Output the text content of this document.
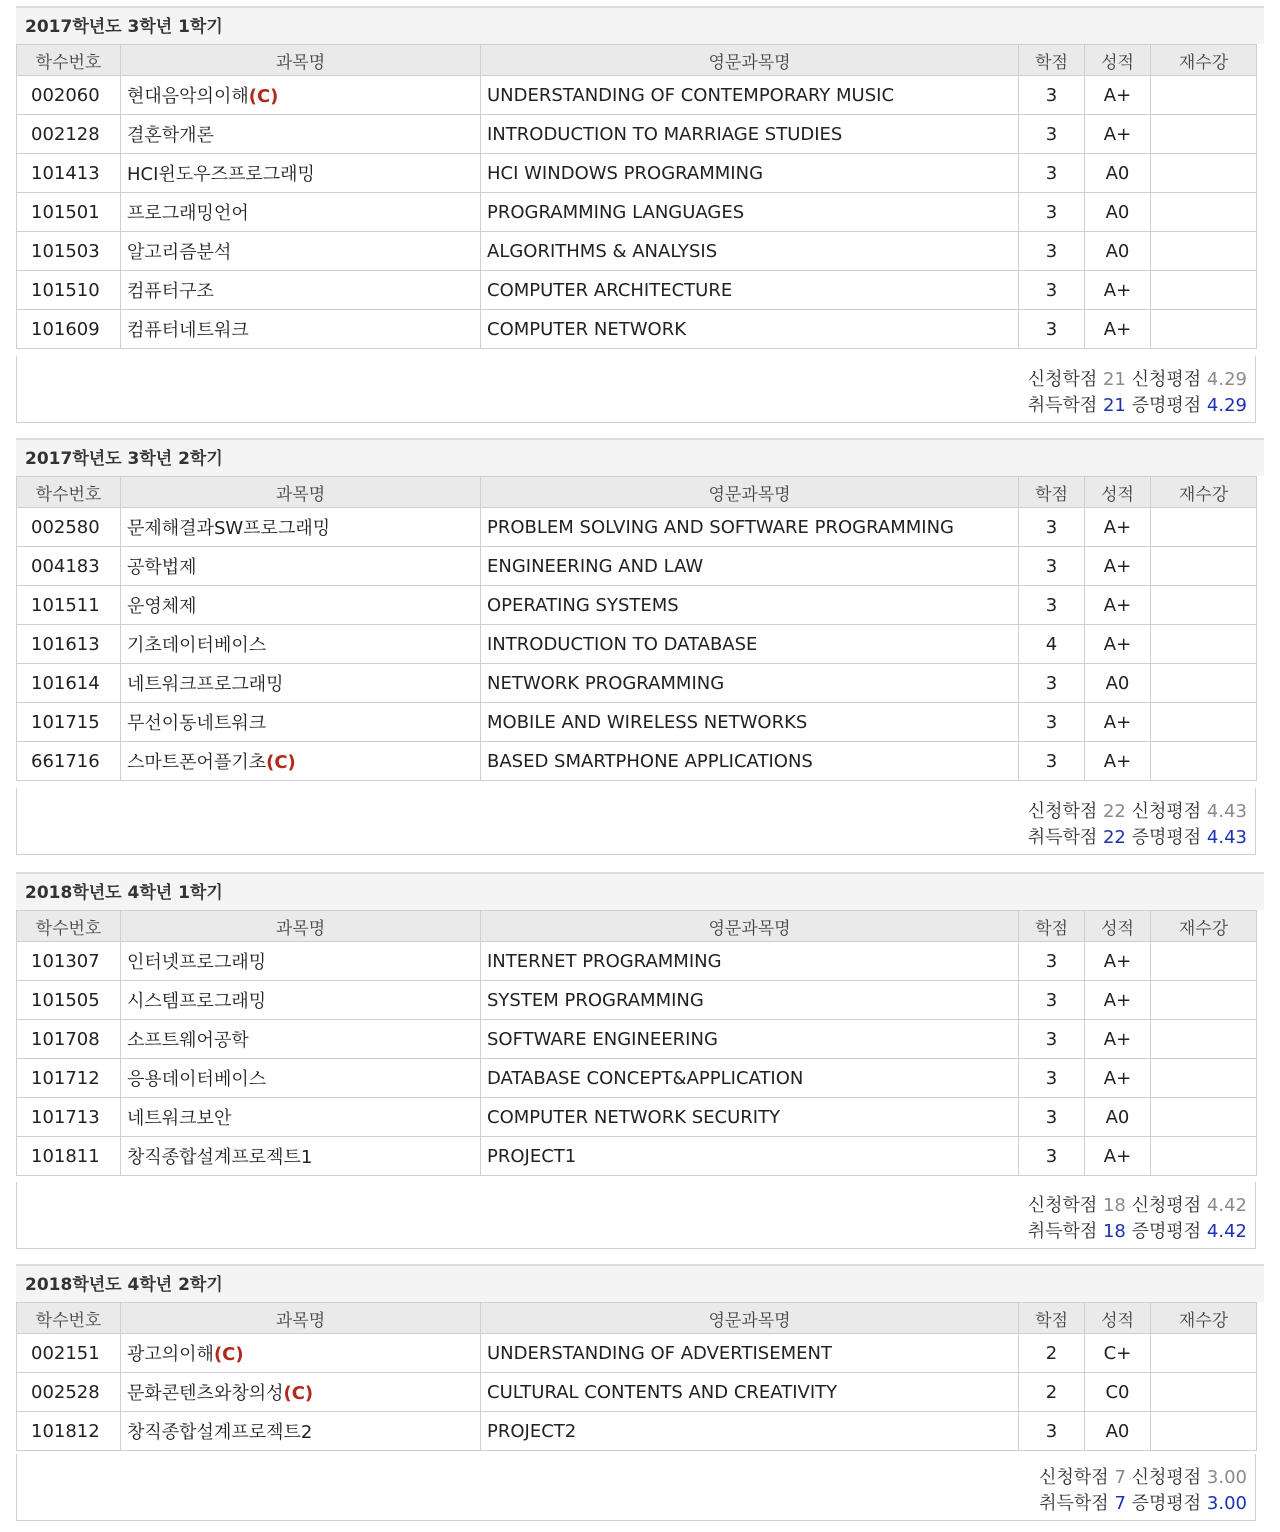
2017학년도 3학년 1학기
학수번호	과목명	영문과목명	학점	성적	재수강
002060	현대음악의이해(C)	UNDERSTANDING OF CONTEMPORARY MUSIC	3	A+	
002128	결혼학개론	INTRODUCTION TO MARRIAGE STUDIES	3	A+	
101413	HCI윈도우즈프로그래밍	HCI WINDOWS PROGRAMMING	3	A0	
101501	프로그래밍언어	PROGRAMMING LANGUAGES	3	A0	
101503	알고리즘분석	ALGORITHMS & ANALYSIS	3	A0	
101510	컴퓨터구조	COMPUTER ARCHITECTURE	3	A+	
101609	컴퓨터네트워크	COMPUTER NETWORK	3	A+	
신청학점 21 신청평점 4.29
취득학점 21 증명평점 4.29
2017학년도 3학년 2학기
학수번호	과목명	영문과목명	학점	성적	재수강
002580	문제해결과SW프로그래밍	PROBLEM SOLVING AND SOFTWARE PROGRAMMING	3	A+	
004183	공학법제	ENGINEERING AND LAW	3	A+	
101511	운영체제	OPERATING SYSTEMS	3	A+	
101613	기초데이터베이스	INTRODUCTION TO DATABASE	4	A+	
101614	네트워크프로그래밍	NETWORK PROGRAMMING	3	A0	
101715	무선이동네트워크	MOBILE AND WIRELESS NETWORKS	3	A+	
661716	스마트폰어플기초(C)	BASED SMARTPHONE APPLICATIONS	3	A+	
신청학점 22 신청평점 4.43
취득학점 22 증명평점 4.43
2018학년도 4학년 1학기
학수번호	과목명	영문과목명	학점	성적	재수강
101307	인터넷프로그래밍	INTERNET PROGRAMMING	3	A+	
101505	시스템프로그래밍	SYSTEM PROGRAMMING	3	A+	
101708	소프트웨어공학	SOFTWARE ENGINEERING	3	A+	
101712	응용데이터베이스	DATABASE CONCEPT&APPLICATION	3	A+	
101713	네트워크보안	COMPUTER NETWORK SECURITY	3	A0	
101811	창직종합설계프로젝트1	PROJECT1	3	A+	
신청학점 18 신청평점 4.42
취득학점 18 증명평점 4.42
2018학년도 4학년 2학기
학수번호	과목명	영문과목명	학점	성적	재수강
002151	광고의이해(C)	UNDERSTANDING OF ADVERTISEMENT	2	C+	
002528	문화콘텐츠와창의성(C)	CULTURAL CONTENTS AND CREATIVITY	2	C0	
101812	창직종합설계프로젝트2	PROJECT2	3	A0	
신청학점 7 신청평점 3.00
취득학점 7 증명평점 3.00
